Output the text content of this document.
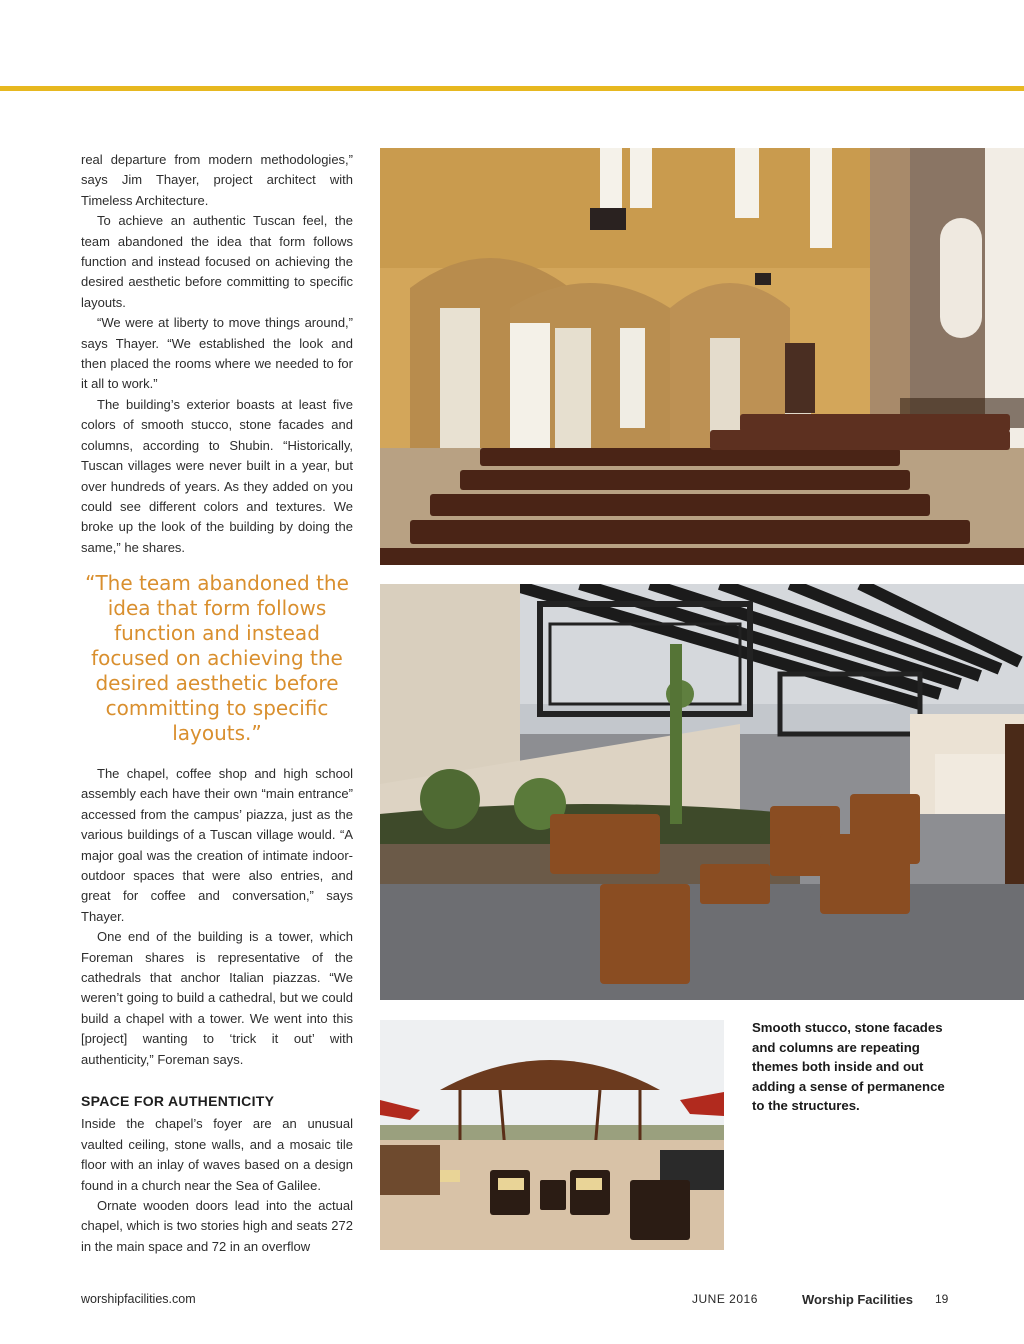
real departure from modern methodologies,” says Jim Thayer, project architect with Timeless Architecture.

To achieve an authentic Tuscan feel, the team abandoned the idea that form follows function and instead focused on achieving the desired aesthetic before committing to specific layouts.

“We were at liberty to move things around,” says Thayer. “We established the look and then placed the rooms where we needed to for it all to work.”

The building’s exterior boasts at least five colors of smooth stucco, stone facades and columns, according to Shubin. “Historically, Tuscan villages were never built in a year, but over hundreds of years. As they added on you could see different colors and textures. We broke up the look of the building by doing the same,” he shares.

“The team abandoned the idea that form follows function and instead focused on achieving the desired aesthetic before committing to specific layouts.”

The chapel, coffee shop and high school assembly each have their own “main entrance” accessed from the campus’ piazza, just as the various buildings of a Tuscan village would. “A major goal was the creation of intimate indoor-outdoor spaces that were also entries, and great for coffee and conversation,” says Thayer.

One end of the building is a tower, which Foreman shares is representative of the cathedrals that anchor Italian piazzas. “We weren’t going to build a cathedral, but we could build a chapel with a tower. We went into this [project] wanting to ‘trick it out’ with authenticity,” Foreman says.

SPACE FOR AUTHENTICITY

Inside the chapel’s foyer are an unusual vaulted ceiling, stone walls, and a mosaic tile floor with an inlay of waves based on a design found in a church near the Sea of Galilee.

Ornate wooden doors lead into the actual chapel, which is two stories high and seats 272 in the main space and 72 in an overflow

Smooth stucco, stone facades and columns are repeating themes both inside and out adding a sense of permanence to the structures.
worshipfacilities.com	JUNE 2016	Worship Facilities 19
